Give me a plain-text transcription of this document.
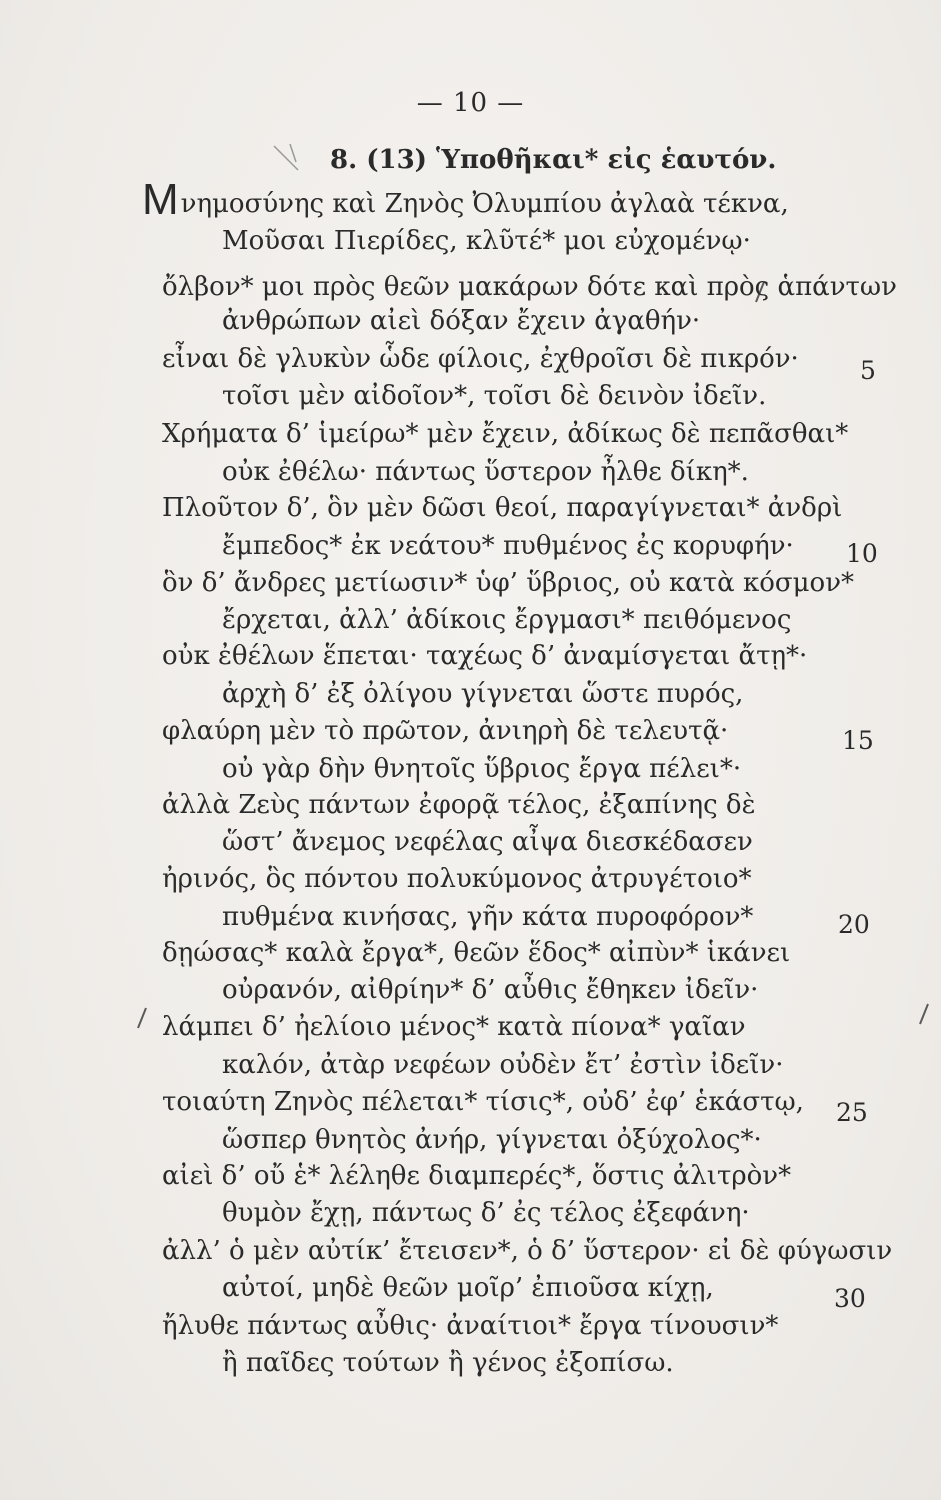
— 10 —
8. (13) Ὑποθῆκαι* εἰς ἑαυτόν.
Μνημοσύνης καὶ Ζηνὸς Ὀλυμπίου ἀγλαὰ τέκνα,
Μοῦσαι Πιερίδες, κλῦτέ* μοι εὐχομένῳ·
ὄλβον* μοι πρὸς θεῶν μακάρων δότε καὶ πρὸς ἁπάντων
ἀνθρώπων αἰεὶ δόξαν ἔχειν ἀγαθήν·
εἶναι δὲ γλυκὺν ὧδε φίλοις, ἐχθροῖσι δὲ πικρόν·
τοῖσι μὲν αἰδοῖον*, τοῖσι δὲ δεινὸν ἰδεῖν.
Χρήματα δ’ ἱμείρω* μὲν ἔχειν, ἀδίκως δὲ πεπᾶσθαι*
οὐκ ἐθέλω· πάντως ὕστερον ἦλθε δίκη*.
Πλοῦτον δ’, ὃν μὲν δῶσι θεοί, παραγίγνεται* ἀνδρὶ
ἔμπεδος* ἐκ νεάτου* πυθμένος ἐς κορυφήν·
ὃν δ’ ἄνδρες μετίωσιν* ὑφ’ ὕβριος, οὐ κατὰ κόσμον*
ἔρχεται, ἀλλ’ ἀδίκοις ἔργμασι* πειθόμενος
οὐκ ἐθέλων ἕπεται· ταχέως δ’ ἀναμίσγεται ἄτῃ*·
ἀρχὴ δ’ ἐξ ὀλίγου γίγνεται ὥστε πυρός,
φλαύρη μὲν τὸ πρῶτον, ἀνιηρὴ δὲ τελευτᾷ·
οὐ γὰρ δὴν θνητοῖς ὕβριος ἔργα πέλει*·
ἀλλὰ Ζεὺς πάντων ἐφορᾷ τέλος, ἐξαπίνης δὲ
ὥστ’ ἄνεμος νεφέλας αἶψα διεσκέδασεν
ἠρινός, ὃς πόντου πολυκύμονος ἀτρυγέτοιο*
πυθμένα κινήσας, γῆν κάτα πυροφόρον*
δῃώσας* καλὰ ἔργα*, θεῶν ἕδος* αἰπὺν* ἱκάνει
οὐρανόν, αἰθρίην* δ’ αὖθις ἔθηκεν ἰδεῖν·
λάμπει δ’ ἠελίοιο μένος* κατὰ πίονα* γαῖαν
καλόν, ἀτὰρ νεφέων οὐδὲν ἔτ’ ἐστὶν ἰδεῖν·
τοιαύτη Ζηνὸς πέλεται* τίσις*, οὐδ’ ἐφ’ ἑκάστῳ,
ὥσπερ θνητὸς ἀνήρ, γίγνεται ὀξύχολος*·
αἰεὶ δ’ οὔ ἑ* λέληθε διαμπερές*, ὅστις ἀλιτρὸν*
θυμὸν ἔχῃ, πάντως δ’ ἐς τέλος ἐξεφάνη·
ἀλλ’ ὁ μὲν αὐτίκ’ ἔτεισεν*, ὁ δ’ ὕστερον· εἰ δὲ φύγωσιν
αὐτοί, μηδὲ θεῶν μοῖρ’ ἐπιοῦσα κίχῃ,
ἤλυθε πάντως αὖθις· ἀναίτιοι* ἔργα τίνουσιν*
ἢ παῖδες τούτων ἢ γένος ἐξοπίσω.
5
10
15
20
25
30
